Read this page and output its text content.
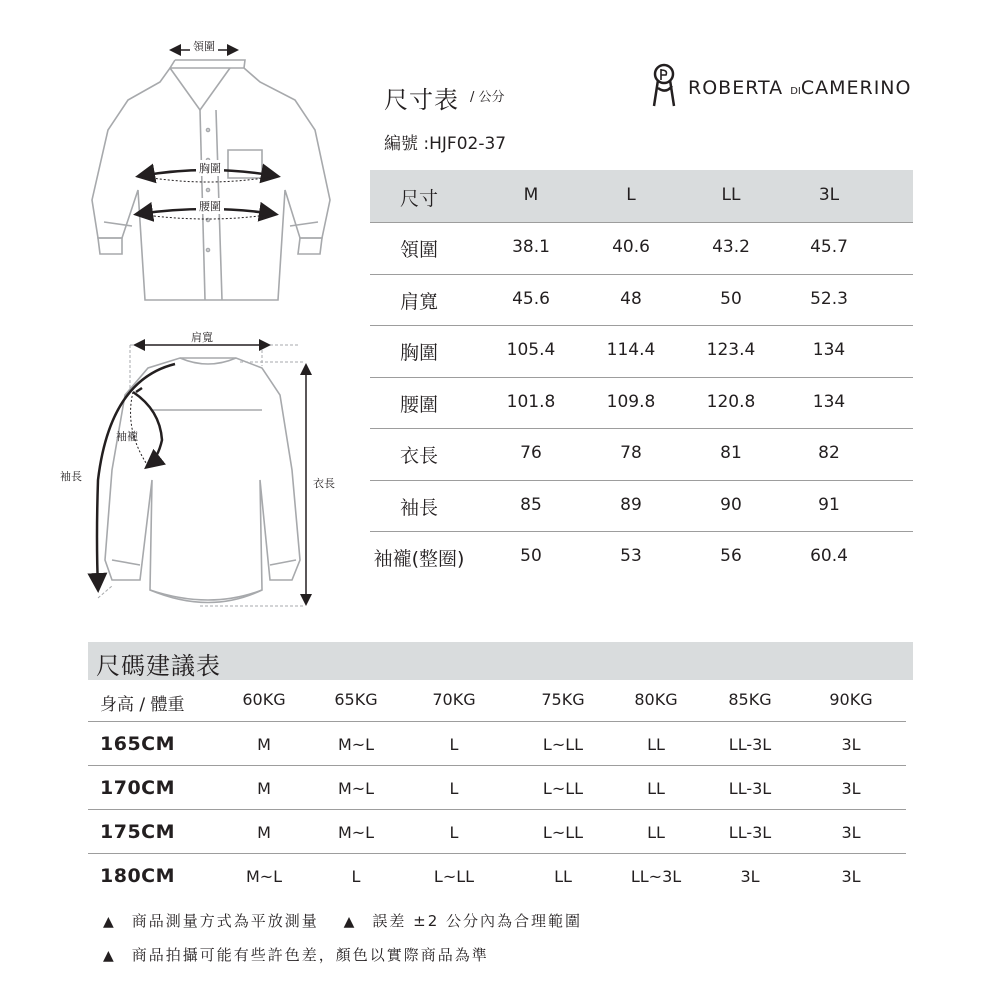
領圍
胸圍
腰圍
肩寬
袖襱
袖長
衣長
尺寸表 / 公分
編號 :HJF02-37
ROBERTA DICAMERINO
尺寸	M	L	LL	3L
領圍	38.1	40.6	43.2	45.7
肩寬	45.6	48	50	52.3
胸圍	105.4	114.4	123.4	134
腰圍	101.8	109.8	120.8	134
衣長	76	78	81	82
袖長	85	89	90	91
袖襱(整圈)	50	53	56	60.4
尺碼建議表
身高 / 體重	60KG	65KG	70KG	75KG	80KG	85KG	90KG
165CM	M	M~L	L	L~LL	LL	LL-3L	3L
170CM	M	M~L	L	L~LL	LL	LL-3L	3L
175CM	M	M~L	L	L~LL	LL	LL-3L	3L
180CM	M~L	L	L~LL	LL	LL~3L	3L	3L
▲ 商品測量方式為平放測量 ▲ 誤差 ±2 公分內為合理範圍
▲ 商品拍攝可能有些許色差，顏色以實際商品為準
